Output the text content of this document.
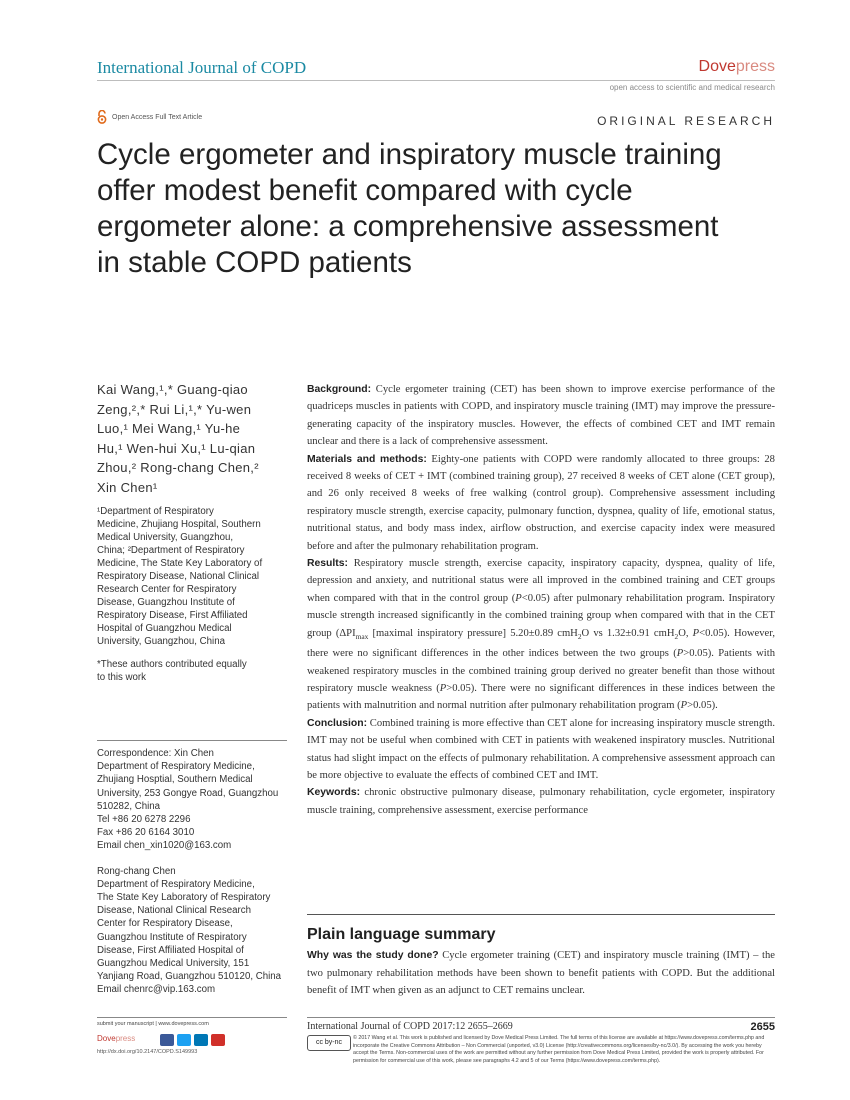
International Journal of COPD	Dovepress
open access to scientific and medical research
Open Access Full Text Article	ORIGINAL RESEARCH
Cycle ergometer and inspiratory muscle training
offer modest benefit compared with cycle
ergometer alone: a comprehensive assessment
in stable COPD patients
Kai Wang,¹,* Guang-qiao
Zeng,²,* Rui Li,¹,* Yu-wen
Luo,¹ Mei Wang,¹ Yu-he
Hu,¹ Wen-hui Xu,¹ Lu-qian
Zhou,² Rong-chang Chen,²
Xin Chen¹
¹Department of Respiratory
Medicine, Zhujiang Hospital, Southern
Medical University, Guangzhou,
China; ²Department of Respiratory
Medicine, The State Key Laboratory of
Respiratory Disease, National Clinical
Research Center for Respiratory
Disease, Guangzhou Institute of
Respiratory Disease, First Affiliated
Hospital of Guangzhou Medical
University, Guangzhou, China
*These authors contributed equally
to this work
Correspondence: Xin Chen
Department of Respiratory Medicine,
Zhujiang Hosptial, Southern Medical
University, 253 Gongye Road, Guangzhou
510282, China
Tel +86 20 6278 2296
Fax +86 20 6164 3010
Email chen_xin1020@163.com
Rong-chang Chen
Department of Respiratory Medicine,
The State Key Laboratory of Respiratory
Disease, National Clinical Research
Center for Respiratory Disease,
Guangzhou Institute of Respiratory
Disease, First Affiliated Hospital of
Guangzhou Medical University, 151
Yanjiang Road, Guangzhou 510120, China
Email chenrc@vip.163.com

Background: Cycle ergometer training (CET) has been shown to improve exercise performance of the quadriceps muscles in patients with COPD, and inspiratory muscle training (IMT) may improve the pressure-generating capacity of the inspiratory muscles. However, the effects of combined CET and IMT remain unclear and there is a lack of comprehensive assessment.

Materials and methods: Eighty-one patients with COPD were randomly allocated to three groups: 28 received 8 weeks of CET + IMT (combined training group), 27 received 8 weeks of CET alone (CET group), and 26 only received 8 weeks of free walking (control group). Comprehensive assessment including respiratory muscle strength, exercise capacity, pulmonary function, dyspnea, quality of life, emotional status, nutritional status, and body mass index, airflow obstruction, and exercise capacity index were measured before and after the pulmonary rehabilitation program.

Results: Respiratory muscle strength, exercise capacity, inspiratory capacity, dyspnea, quality of life, depression and anxiety, and nutritional status were all improved in the combined training and CET groups when compared with that in the control group (P<0.05) after pulmonary rehabilitation program. Inspiratory muscle strength increased significantly in the combined training group when compared with that in the CET group ($\Delta PI_{max}$ [maximal inspiratory pressure] 5.20±0.89 cmH$_2$O vs 1.32±0.91 cmH$_2$O, P<0.05). However, there were no significant differences in the other indices between the two groups (P>0.05). Patients with weakened respiratory muscles in the combined training group derived no greater benefit than those without respiratory muscle weakness (P>0.05). There were no significant differences in these indices between the patients with malnutrition and normal nutrition after pulmonary rehabilitation program (P>0.05).

Conclusion: Combined training is more effective than CET alone for increasing inspiratory muscle strength. IMT may not be useful when combined with CET in patients with weakened inspiratory muscles. Nutritional status had slight impact on the effects of pulmonary rehabilitation. A comprehensive assessment approach can be more objective to evaluate the effects of combined CET and IMT.

Keywords: chronic obstructive pulmonary disease, pulmonary rehabilitation, cycle ergometer, inspiratory muscle training, comprehensive assessment, exercise performance

Plain language summary
Why was the study done? Cycle ergometer training (CET) and inspiratory muscle training (IMT) – the two pulmonary rehabilitation methods have been shown to benefit patients with COPD. But the additional benefit of IMT when given as an adjunct to CET remains unclear.
submit your manuscript | www.dovepress.com
Dovepress
http://dx.doi.org/10.2147/COPD.S149993
International Journal of COPD 2017:12 2655–2669	2655
cc by-nc
© 2017 Wang et al. This work is published and licensed by Dove Medical Press Limited. The full terms of this license are available at https://www.dovepress.com/terms.php and incorporate the Creative Commons Attribution – Non Commercial (unported, v3.0) License (http://creativecommons.org/licenses/by-nc/3.0/). By accessing the work you hereby accept the Terms. Non-commercial uses of the work are permitted without any further permission from Dove Medical Press Limited, provided the work is properly attributed. For permission for commercial use of this work, please see paragraphs 4.2 and 5 of our Terms (https://www.dovepress.com/terms.php).
